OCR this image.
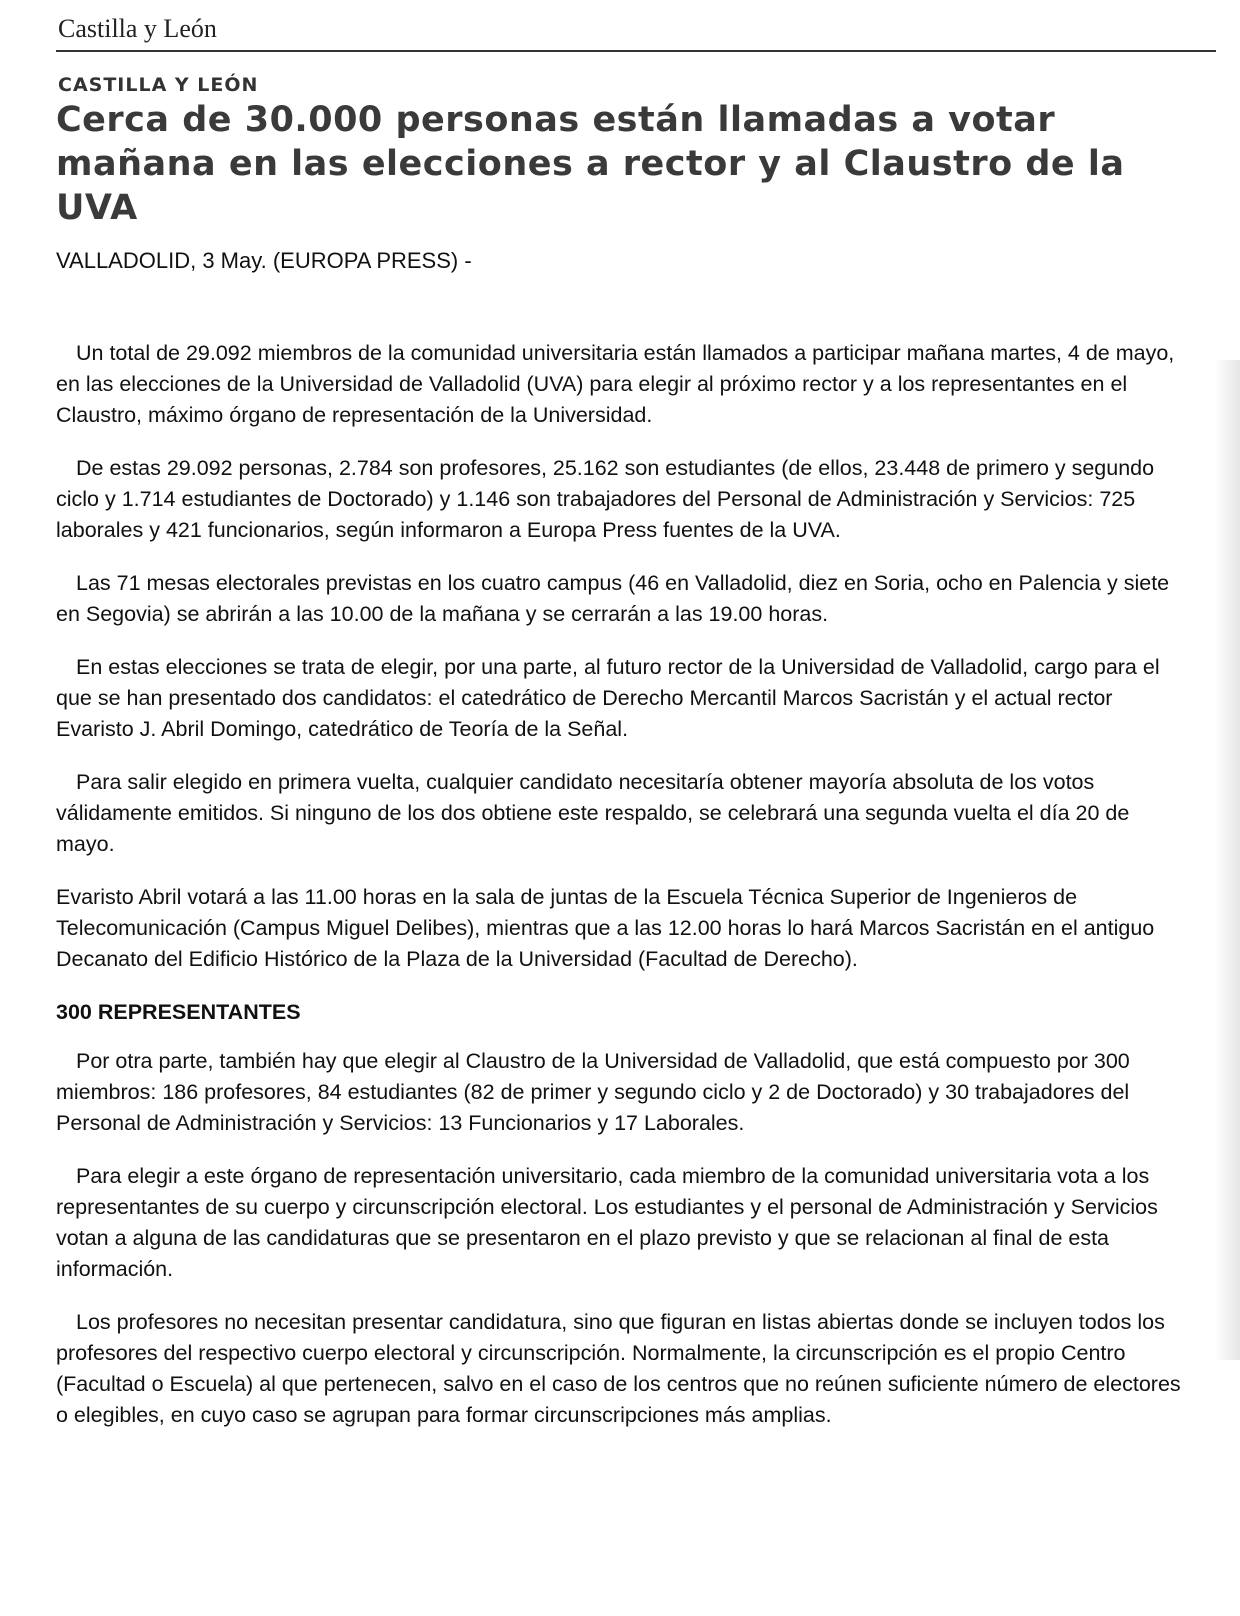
Castilla y León
CASTILLA Y LEÓN
Cerca de 30.000 personas están llamadas a votar mañana en las elecciones a rector y al Claustro de la UVA
VALLADOLID, 3 May. (EUROPA PRESS) -

Un total de 29.092 miembros de la comunidad universitaria están llamados a participar mañana martes, 4 de mayo, en las elecciones de la Universidad de Valladolid (UVA) para elegir al próximo rector y a los representantes en el Claustro, máximo órgano de representación de la Universidad.

De estas 29.092 personas, 2.784 son profesores, 25.162 son estudiantes (de ellos, 23.448 de primero y segundo ciclo y 1.714 estudiantes de Doctorado) y 1.146 son trabajadores del Personal de Administración y Servicios: 725 laborales y 421 funcionarios, según informaron a Europa Press fuentes de la UVA.

Las 71 mesas electorales previstas en los cuatro campus (46 en Valladolid, diez en Soria, ocho en Palencia y siete en Segovia) se abrirán a las 10.00 de la mañana y se cerrarán a las 19.00 horas.

En estas elecciones se trata de elegir, por una parte, al futuro rector de la Universidad de Valladolid, cargo para el que se han presentado dos candidatos: el catedrático de Derecho Mercantil Marcos Sacristán y el actual rector Evaristo J. Abril Domingo, catedrático de Teoría de la Señal.

Para salir elegido en primera vuelta, cualquier candidato necesitaría obtener mayoría absoluta de los votos válidamente emitidos. Si ninguno de los dos obtiene este respaldo, se celebrará una segunda vuelta el día 20 de mayo.

Evaristo Abril votará a las 11.00 horas en la sala de juntas de la Escuela Técnica Superior de Ingenieros de Telecomunicación (Campus Miguel Delibes), mientras que a las 12.00 horas lo hará Marcos Sacristán en el antiguo Decanato del Edificio Histórico de la Plaza de la Universidad (Facultad de Derecho).

300 REPRESENTANTES

Por otra parte, también hay que elegir al Claustro de la Universidad de Valladolid, que está compuesto por 300 miembros: 186 profesores, 84 estudiantes (82 de primer y segundo ciclo y 2 de Doctorado) y 30 trabajadores del Personal de Administración y Servicios: 13 Funcionarios y 17 Laborales.

Para elegir a este órgano de representación universitario, cada miembro de la comunidad universitaria vota a los representantes de su cuerpo y circunscripción electoral. Los estudiantes y el personal de Administración y Servicios votan a alguna de las candidaturas que se presentaron en el plazo previsto y que se relacionan al final de esta información.

Los profesores no necesitan presentar candidatura, sino que figuran en listas abiertas donde se incluyen todos los profesores del respectivo cuerpo electoral y circunscripción. Normalmente, la circunscripción es el propio Centro (Facultad o Escuela) al que pertenecen, salvo en el caso de los centros que no reúnen suficiente número de electores o elegibles, en cuyo caso se agrupan para formar circunscripciones más amplias.
